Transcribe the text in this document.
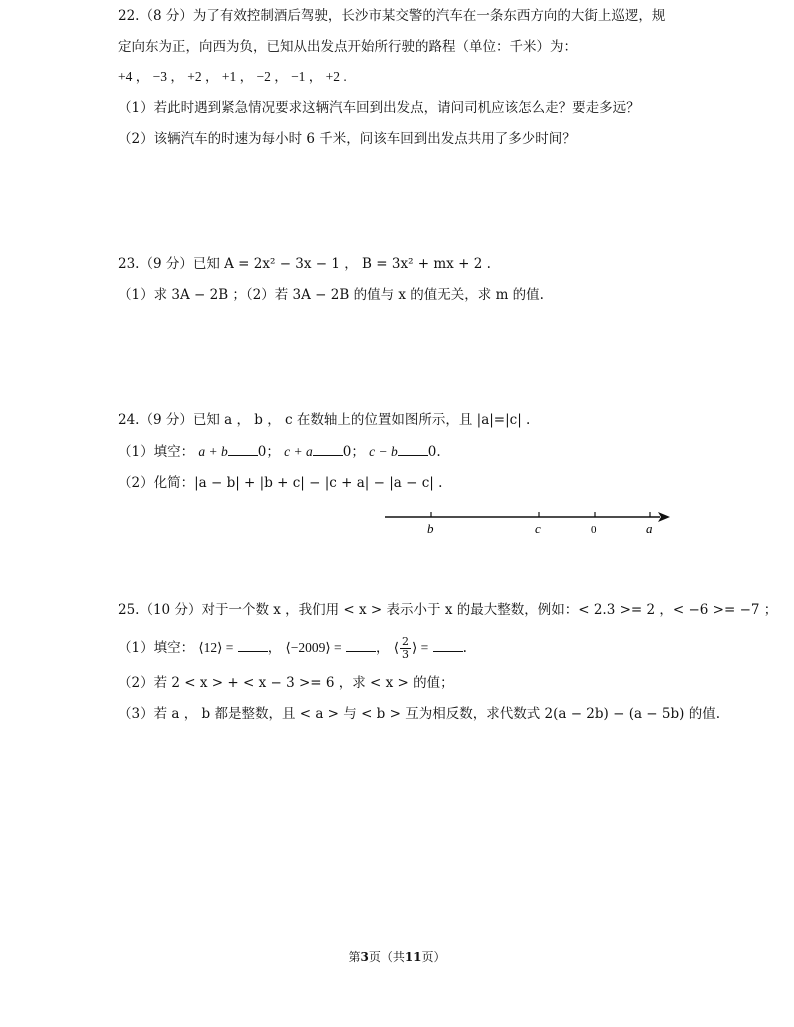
22.（8 分）为了有效控制酒后驾驶，长沙市某交警的汽车在一条东西方向的大街上巡逻，规
定向东为正，向西为负，已知从出发点开始所行驶的路程（单位：千米）为：
+4 ， −3 ， +2 ， +1 ， −2 ， −1 ， +2 .
（1）若此时遇到紧急情况要求这辆汽车回到出发点，请问司机应该怎么走？要走多远？
（2）该辆汽车的时速为每小时 6 千米，问该车回到出发点共用了多少时间？
23.（9 分）已知 A = 2x² − 3x − 1 ， B = 3x² + mx + 2 .
（1）求 3A − 2B ；（2）若 3A − 2B 的值与 x 的值无关，求 m 的值.
24.（9 分）已知 a ， b ， c 在数轴上的位置如图所示，且 |a|=|c| .
（1）填空： a + b 0； c + a 0； c − b 0.
（2）化简：|a − b| + |b + c| − |c + a| − |a − c| .
b	c	0	a
25.（10 分）对于一个数 x ，我们用 < x > 表示小于 x 的最大整数，例如：< 2.3 >= 2 ，< −6 >= −7 ；
（1）填空： ⟨12⟩ =	， ⟨−2009⟩ =	， ⟨ $\frac{2}{3}$ ⟩ =	.
（2）若 2 < x > + < x − 3 >= 6 ，求 < x > 的值；
（3）若 a ， b 都是整数，且 < a > 与 < b > 互为相反数，求代数式 2(a − 2b) − (a − 5b) 的值.
第3页（共11页）
